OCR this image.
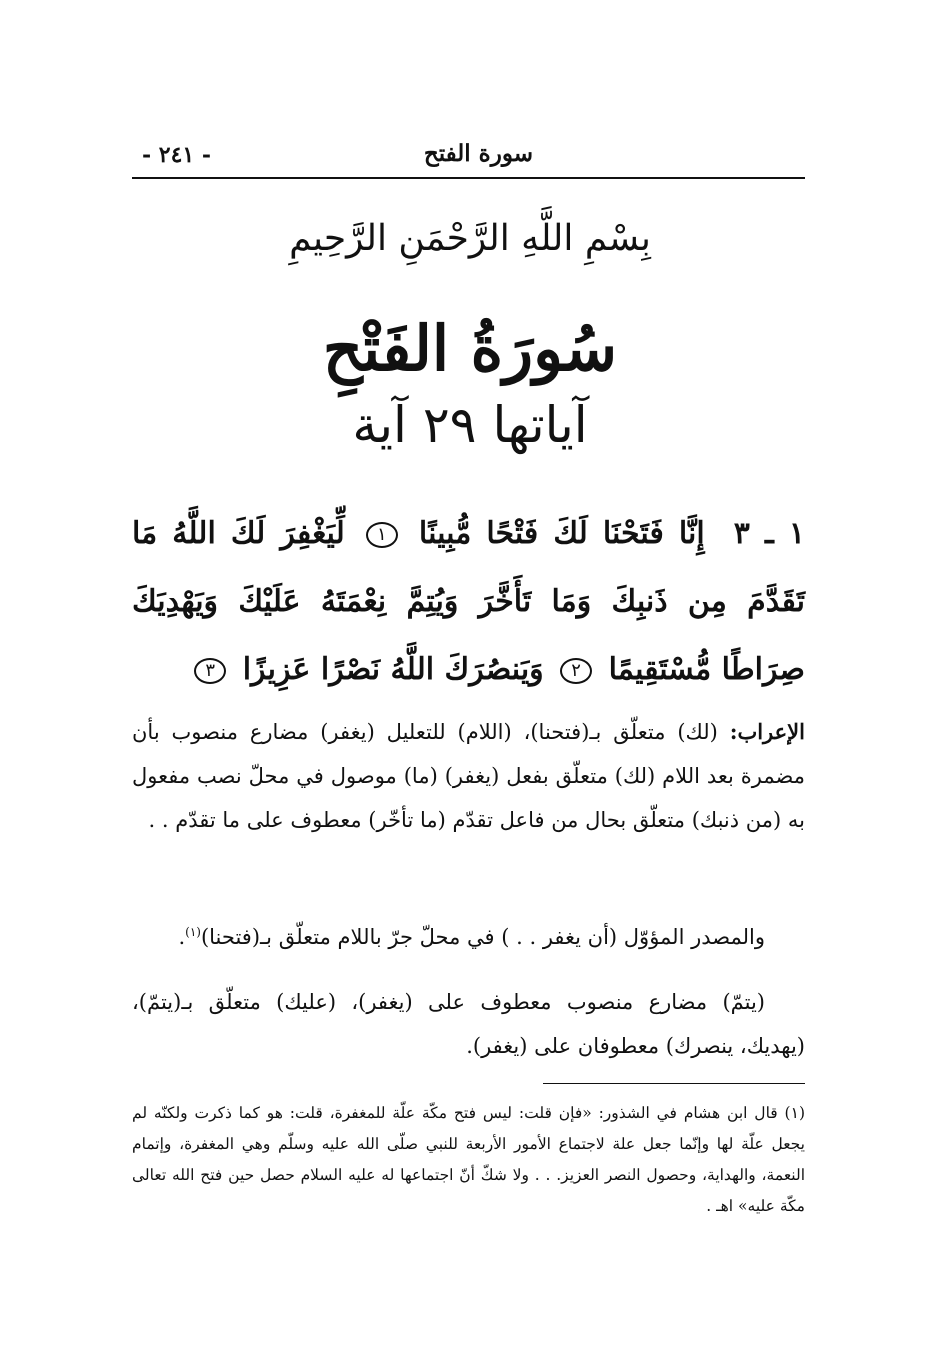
سورة الفتح
- ٢٤١ -
بِسْمِ اللَّهِ الرَّحْمَنِ الرَّحِيمِ
سُورَةُ الفَتْحِ
آياتها ٢٩ آية
١ ـ ٣ إِنَّا فَتَحْنَا لَكَ فَتْحًا مُّبِينًا ١ لِّيَغْفِرَ لَكَ اللَّهُ مَا تَقَدَّمَ مِن ذَنبِكَ وَمَا تَأَخَّرَ وَيُتِمَّ نِعْمَتَهُ عَلَيْكَ وَيَهْدِيَكَ صِرَاطًا مُّسْتَقِيمًا ٢ وَيَنصُرَكَ اللَّهُ نَصْرًا عَزِيزًا ٣
الإعراب: (لك) متعلّق بـ(فتحنا)، (اللام) للتعليل (يغفر) مضارع منصوب بأن مضمرة بعد اللام (لك) متعلّق بفعل (يغفر) (ما) موصول في محلّ نصب مفعول به (من ذنبك) متعلّق بحال من فاعل تقدّم (ما تأخّر) معطوف على ما تقدّم . .
والمصدر المؤوّل (أن يغفر . . ) في محلّ جرّ باللام متعلّق بـ(فتحنا)$^{(١)}$.
(يتمّ) مضارع منصوب معطوف على (يغفر)، (عليك) متعلّق بـ(يتمّ)، (يهديك، ينصرك) معطوفان على (يغفر).
(١) قال ابن هشام في الشذور: «فإن قلت: ليس فتح مكّة علّة للمغفرة، قلت: هو كما ذكرت ولكنّه لم يجعل علّة لها وإنّما جعل علة لاجتماع الأمور الأربعة للنبي صلّى الله عليه وسلّم وهي المغفرة، وإتمام النعمة، والهداية، وحصول النصر العزيز. . . ولا شكّ أنّ اجتماعها له عليه السلام حصل حين فتح الله تعالى مكّة عليه» اهـ .
